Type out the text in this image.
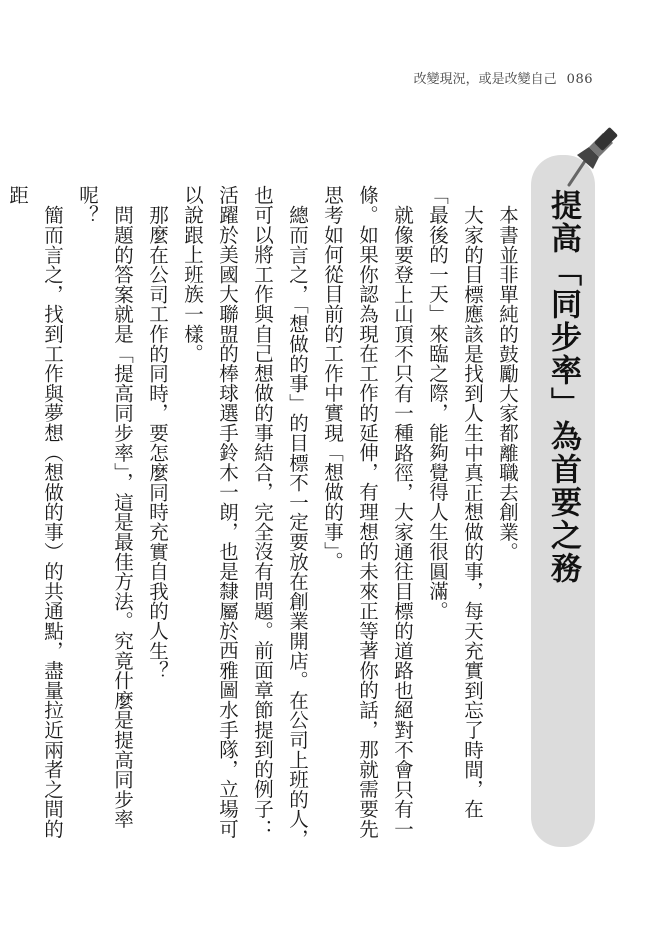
改變現況，或是改變自己 086
提高「同步率」為首要之務

本書並非單純的鼓勵大家都離職去創業。

大家的目標應該是找到人生中真正想做的事，每天充實到忘了時間，在「最後的一天」來臨之際，能夠覺得人生很圓滿。

就像要登上山頂不只有一種路徑，大家通往目標的道路也絕對不會只有一條。如果你認為現在工作的延伸，有理想的未來正等著你的話，那就需要先思考如何從目前的工作中實現「想做的事」。

總而言之，「想做的事」的目標不一定要放在創業開店。在公司上班的人，也可以將工作與自己想做的事結合，完全沒有問題。前面章節提到的例子：活躍於美國大聯盟的棒球選手鈴木一朗，也是隸屬於西雅圖水手隊，立場可以說跟上班族一樣。

那麼在公司工作的同時，要怎麼同時充實自我的人生？

問題的答案就是「提高同步率」，這是最佳方法。究竟什麼是提高同步率呢？

簡而言之，找到工作與夢想（想做的事）的共通點，盡量拉近兩者之間的距
